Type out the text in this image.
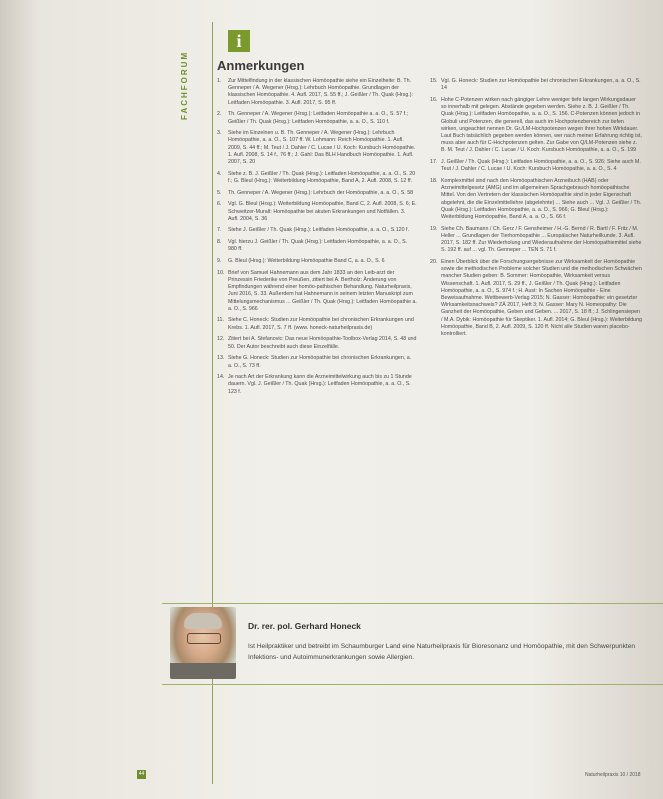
FACHFORUM
i
Anmerkungen
1.	Zur Mittelfindung in der klassischen Homöopathie siehe ein Einzelheite: B. Th. Genneper / A. Wegener (Hrsg.): Lehrbuch Homöopathie. Grundlagen der klassischen Homöopathie. 4. Aufl. 2017, S. 55 ff.; J. Geißler / Th. Quak (Hrsg.): Leitfaden Homöopathie. 3. Aufl. 2017, S. 95 ff.
2.	Th. Genneper / A. Wegener (Hrsg.): Leitfaden Homöopathie a. a. O., S. 57 f.; Geißler / Th. Quak (Hrsg.): Leitfaden Homöopathie, a. a. O., S. 110 f.
3.	Siehe im Einzelnen u. B. Th. Genneper / A. Wegener (Hrsg.): Lehrbuch Homöopathie, a. a. O., S. 107 ff. W. Lohmann: Reich Homöopathie. 1. Aufl. 2009, S. 44 ff.; M. Teut / J. Dahler / C. Lucae / U. Koch: Kursbuch Homöopathie. 1. Aufl. 2008, S. 14 f., 76 ff.; J. Gahl: Das BLH Handbuch Homöopathie. 1. Aufl. 2007, S. 20
4.	Siehe z. B. J. Geißler / Th. Quak (Hrsg.): Leitfaden Homöopathie, a. a. O., S. 20 f.; G. Bleul (Hrsg.): Weiterbildung Homöopathie, Band A, 2. Aufl. 2008, S. 12 ff.
5.	Th. Genneper / A. Wegener (Hrsg.): Lehrbuch der Homöopathie, a. a. O., S. 58
6.	Vgl. G. Bleul (Hrsg.): Weiterbildung Homöopathie, Band C, 2. Aufl. 2008, S. 6; E. Schweitzer-Muralt: Homöopathie bei akuten Erkrankungen und Notfällen. 3. Aufl. 2004, S. 36
7.	Siehe J. Geißler / Th. Quak (Hrsg.): Leitfaden Homöopathie, a. a. O., S.120 f.
8.	Vgl. hierzu J. Geißler / Th. Quak (Hrsg.): Leitfaden Homöopathie, a. a. O., S. 980 ff.
9.	G. Bleul (Hrsg.): Weiterbildung Homöopathie Band C, a. a. O., S. 6
10. Brief von Samuel Hahnemann aus dem Jahr 1833 an den Leib-arzt der Prinzessin Friederike von Preußen, zitiert bei A. Bertholz: Änderung von Empfindungen während einer homöo-pathischen Behandlung. Naturheilpraxis, Juni 2016, S. 33. Außerdem hat Hahnemann in seinem letzten Manuskript zum Mittelungsmechanismus ... Geißler / Th. Quak (Hrsg.): Leitfaden Homöopathie a. a. O., S. 966
11. Siehe C. Honeck: Studien zur Homöopathie bei chronischen Erkrankungen und Krebs. 1. Aufl. 2017, S. 7 ff. (www. honeck-naturheilpraxis.de)
12. Zitiert bei A. Stefanovic: Das neue Homöopathie-Toolbox-Verlag 2014, S. 48 und 50. Der Autor beschreibt auch diese Einzelfälle.
13. Siehe G. Honeck: Studien zur Homöopathie bei chronischen Erkrankungen, a. a. O., S. 73 ff.
14. Je nach Art der Erkrankung kann die Arzneimittelwirkung auch bis zu 1 Stunde dauern. Vgl. J. Geißler / Th. Quak (Hrsg.): Leitfaden Homöopathie, a. a. O., S. 123 f.
15. Vgl. G. Honeck: Studien zur Homöopathie bei chronischen Erkrankungen, a. a. O., S. 14
16. Hohe C-Potenzen wirken nach gängiger Lehre weniger tiefe langen Wirkungsdauer so innerhalb mit gelegen. Abstände gegeben werden. Siehe z. B. J. Geißler / Th. Quak (Hrsg.): Leitfaden Homöopathie, a. a. O., S. 156. C-Potenzen können jedoch in Globuli und Potenzen, die generell, das auch im Hochpotenzbereich zur tiefen wirken, ungeachtet nennen Dr. Gr./LM-Hochpotenzen wegen ihrer hohen Wirkdauer. Laut Buch tatsächlich gegeben werden können, wer nach meiner Erfahrung richtig ist, muss aber auch für C-Hochpotenzen gelten. Zur Gabe von Q/LM-Potenzen siehe z. B. M. Teut / J. Dahler / C. Lucae / U. Koch: Kursbuch Homöopathie, a. a. O., S. 199
17. J. Geißler / Th. Quak (Hrsg.): Leitfaden Homöopathie, a. a. O., S. 926; Siehe auch M. Teut / J. Dahler / C. Lucae / U. Koch: Kursbuch Homöopathie, a. a. O., S. 4
18. Komplexmittel sind nach den Homöopathischen Arzneibuch (HAB) oder Arzneimittelgesetz (AMG) und im allgemeinen Sprachgebrauch homöopathische Mittel. Von den Vertretern der klassischen Homöopathie sind in jeder Eigenschaft abgelehnt, die die Einzelmittellehre (abgelehnte) ... Siehe auch ... Vgl. J. Geißler / Th. Quak (Hrsg.): Leitfaden Homöopathie, a. a. O., S. 966; G. Bleul (Hrsg.): Weiterbildung Homöopathie, Band A, a. a. O., S. 66 f.
19. Siehe Ch. Baumann / Ch. Gerz / F. Gensheimer / H.-G. Bernd / R. Bartl / F. Fritz / M. Heller ... Grundlagen der Tierhomöopathie ... Europäischer Naturheilkunde. 3. Aufl. 2017, S. 182 ff. Zur Wiederholung und Wiederaufnahme der Homöopathiemittel siehe S. 192 ff. auf ... vgl. Th. Genneper ... TEN S. 71 f.
20. Einen Überblick über die Forschungsergebnisse zur Wirksamkeit der Homöopathie sowie die methodischen Probleme solcher Studien und die methodischen Schwächen mancher Studien geben: B. Sommer: Homöopathie, Wirksamkeit versus Wissenschaft. 1. Aufl. 2017, S. 29 ff., J. Geißler / Th. Quak (Hrsg.): Leitfaden Homöopathie, a. a. O., S. 974 f.; H. Aust: In Sachen Homöopathie - Eine Beweisaufnahme. Wettbewerb-Verlag 2015; N. Gasser: Homöopathie: ein gesetzter Wirksamkeitsnachweis? ZÄ 2017, Heft 3; N. Gasser: Mary N. Homeopathy: Die Ganzheit der Homöopathie, Geben und Geben. ... 2017, S. 18 ff.; J. Schlingensiepen / M.A. Dybik: Homöopathie für Skeptiker. 1. Aufl. 2014; G. Bleul (Hrsg.): Weiterbildung Homöopathie, Band B, 2. Aufl. 2009, S. 120 ff. Nicht alle Studien waren placebo-kontrolliert.
Dr. rer. pol. Gerhard Honeck
Ist Heilpraktiker und betreibt im Schaumburger Land eine Naturheilpraxis für Bioresonanz und Homöopathie, mit den Schwerpunkten Infektions- und Autoimmunerkrankungen sowie Allergien.
44	Naturheilpraxis 10 / 2018
